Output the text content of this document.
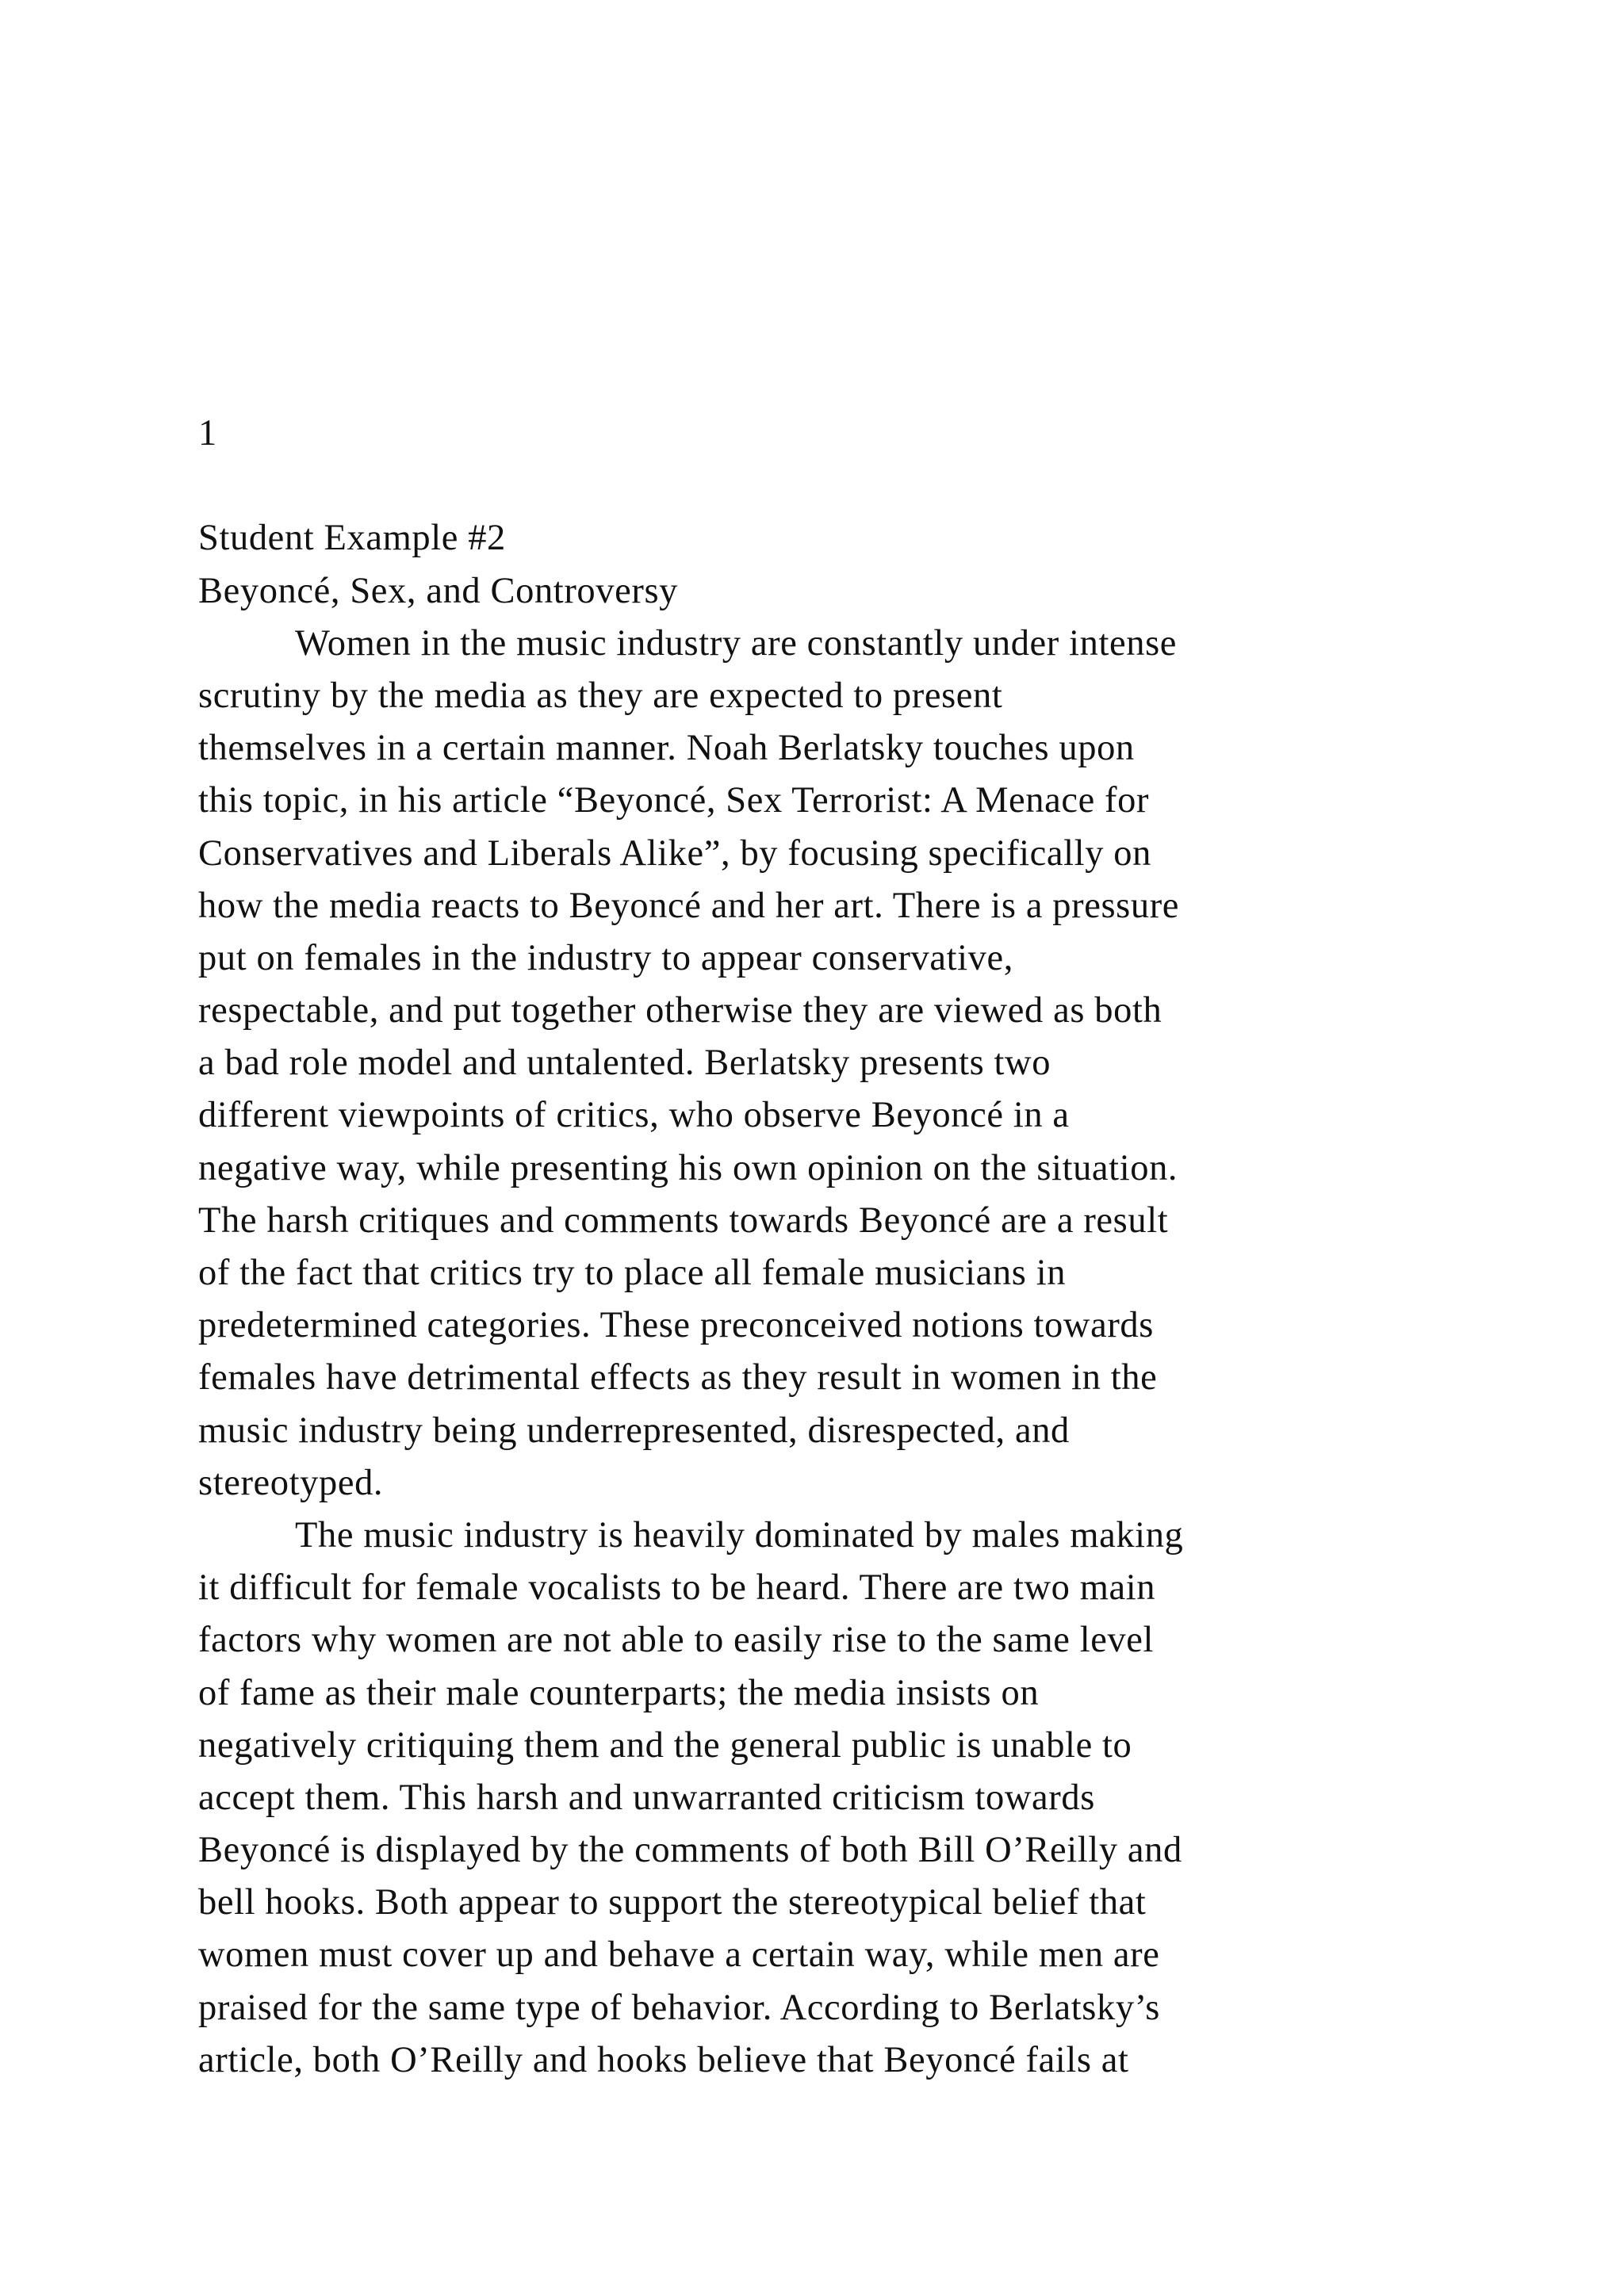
1
Student Example #2
Beyoncé, Sex, and Controversy
Women in the music industry are constantly under intense
scrutiny by the media as they are expected to present
themselves in a certain manner. Noah Berlatsky touches upon
this topic, in his article “Beyoncé, Sex Terrorist: A Menace for
Conservatives and Liberals Alike”, by focusing specifically on
how the media reacts to Beyoncé and her art. There is a pressure
put on females in the industry to appear conservative,
respectable, and put together otherwise they are viewed as both
a bad role model and untalented. Berlatsky presents two
different viewpoints of critics, who observe Beyoncé in a
negative way, while presenting his own opinion on the situation.
The harsh critiques and comments towards Beyoncé are a result
of the fact that critics try to place all female musicians in
predetermined categories. These preconceived notions towards
females have detrimental effects as they result in women in the
music industry being underrepresented, disrespected, and
stereotyped.
The music industry is heavily dominated by males making
it difficult for female vocalists to be heard. There are two main
factors why women are not able to easily rise to the same level
of fame as their male counterparts; the media insists on
negatively critiquing them and the general public is unable to
accept them. This harsh and unwarranted criticism towards
Beyoncé is displayed by the comments of both Bill O’Reilly and
bell hooks. Both appear to support the stereotypical belief that
women must cover up and behave a certain way, while men are
praised for the same type of behavior. According to Berlatsky’s
article, both O’Reilly and hooks believe that Beyoncé fails at
